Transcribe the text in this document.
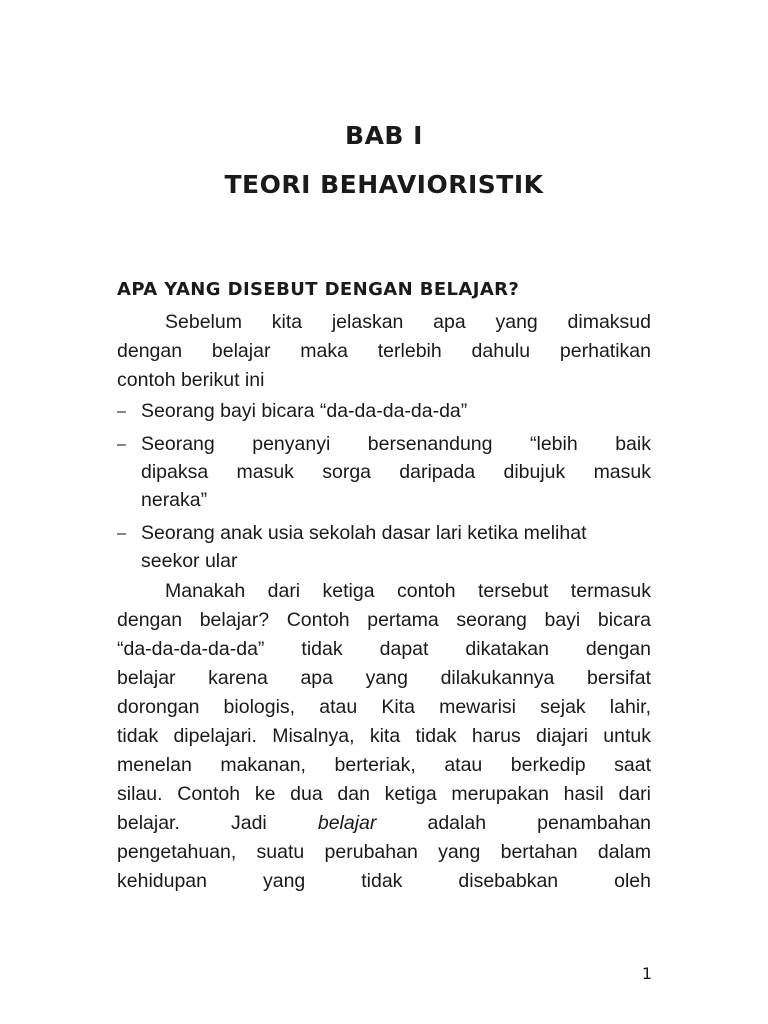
BAB I
TEORI BEHAVIORISTIK
APA YANG DISEBUT DENGAN BELAJAR?

Sebelum kita jelaskan apa yang dimaksud

dengan belajar maka terlebih dahulu perhatikan

contoh berikut ini

– Seorang bayi bicara “da-da-da-da-da”

– Seorang penyanyi bersenandung “lebih baik

dipaksa masuk sorga daripada dibujuk masuk

neraka”

– Seorang anak usia sekolah dasar lari ketika melihat

seekor ular

Manakah dari ketiga contoh tersebut termasuk

dengan belajar? Contoh pertama seorang bayi bicara

“da-da-da-da-da” tidak dapat dikatakan dengan

belajar karena apa yang dilakukannya bersifat

dorongan biologis, atau Kita mewarisi sejak lahir,

tidak dipelajari. Misalnya, kita tidak harus diajari untuk

menelan makanan, berteriak, atau berkedip saat

silau. Contoh ke dua dan ketiga merupakan hasil dari

belajar. Jadi belajar adalah penambahan

pengetahuan, suatu perubahan yang bertahan dalam

kehidupan yang tidak disebabkan oleh

1
